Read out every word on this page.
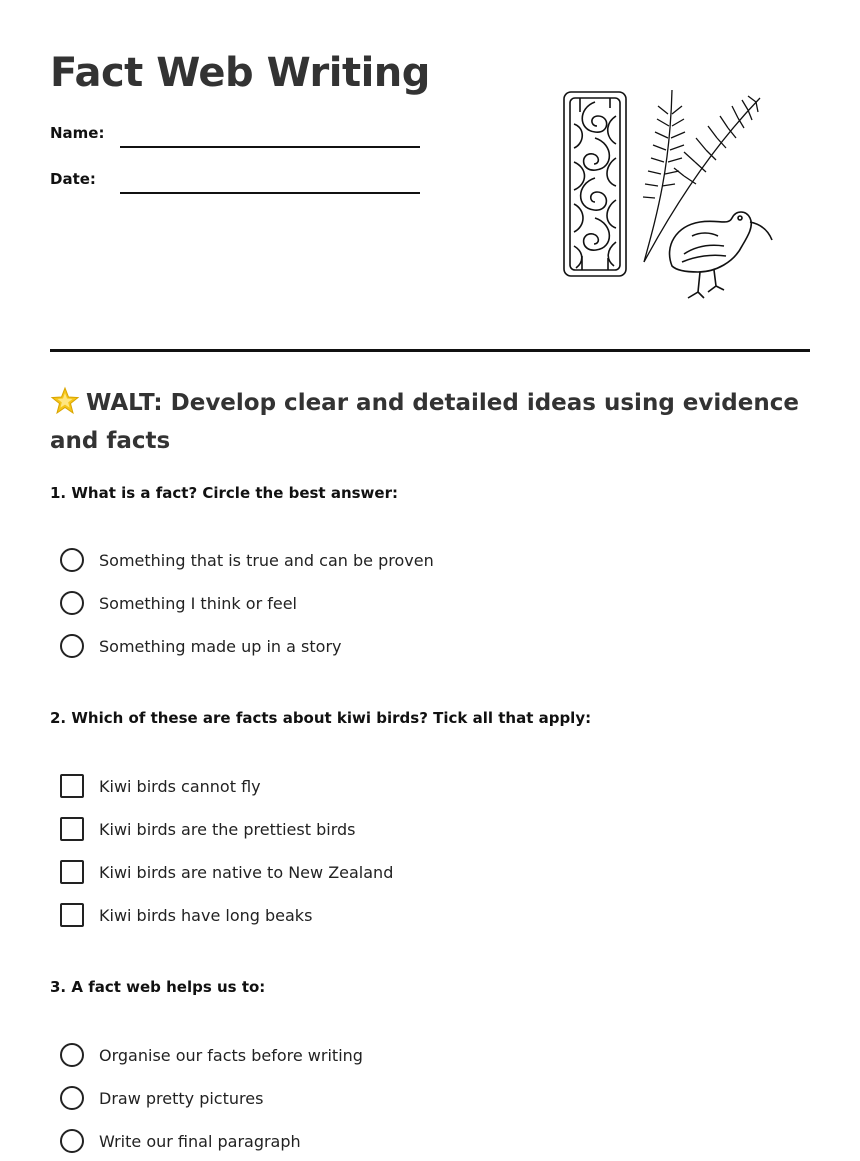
Fact Web Writing
Name:
Date:
WALT: Develop clear and detailed ideas using evidence and facts

1. What is a fact? Circle the best answer:

Something that is true and can be proven
Something I think or feel
Something made up in a story

2. Which of these are facts about kiwi birds? Tick all that apply:

Kiwi birds cannot fly
Kiwi birds are the prettiest birds
Kiwi birds are native to New Zealand
Kiwi birds have long beaks

3. A fact web helps us to:

Organise our facts before writing
Draw pretty pictures
Write our final paragraph
